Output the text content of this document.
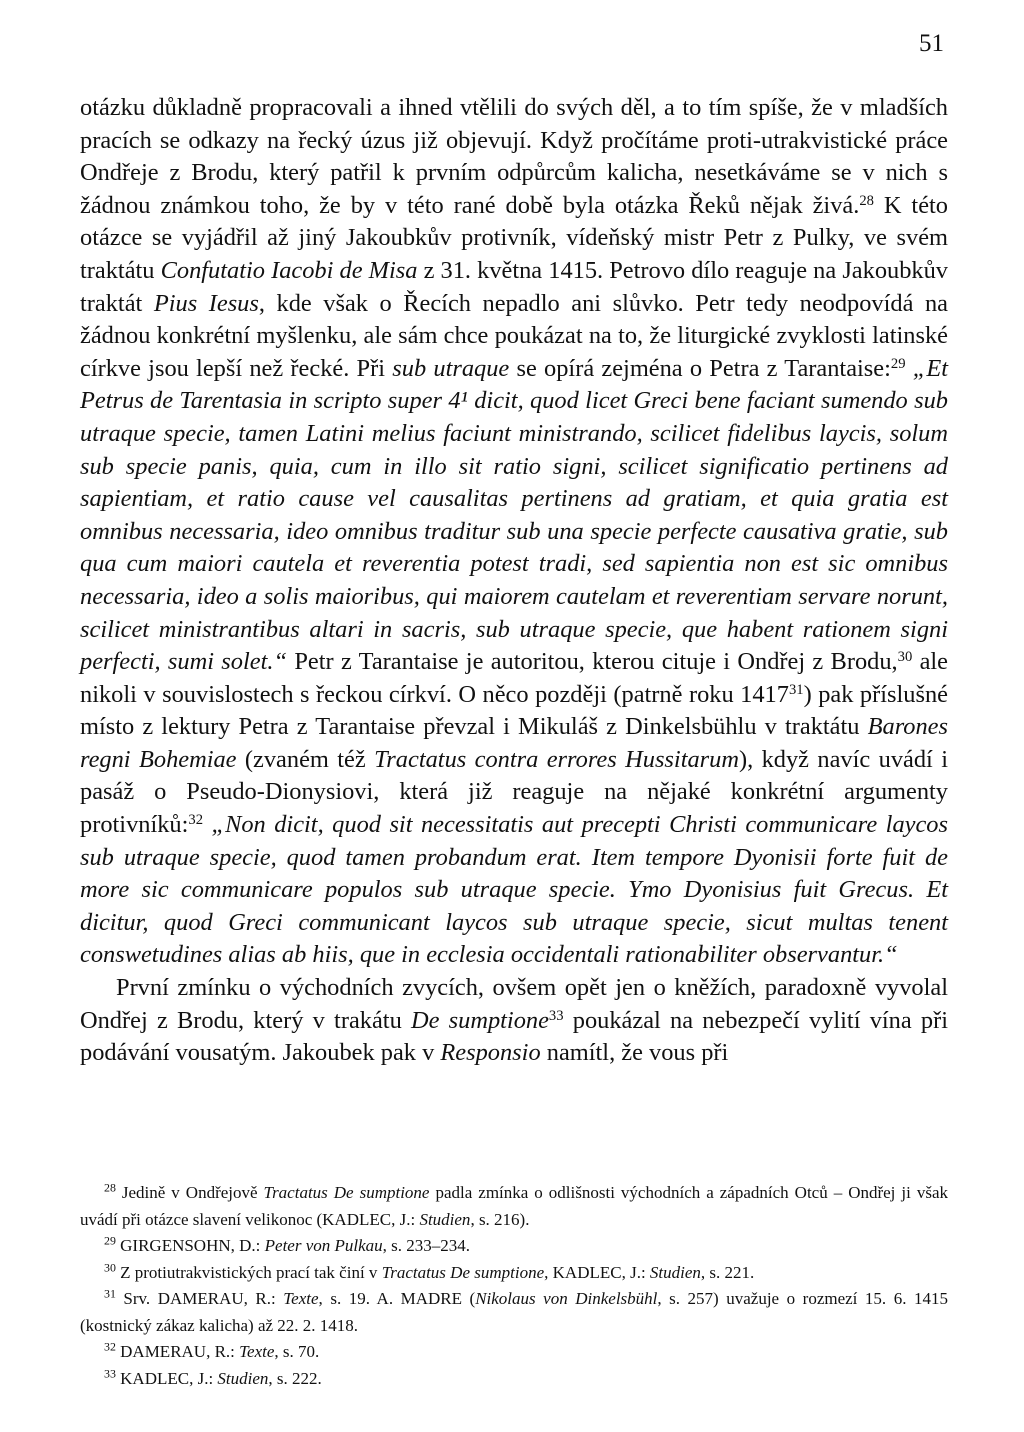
51

otázku důkladně propracovali a ihned vtělili do svých děl, a to tím spíše, že v mladších pracích se odkazy na řecký úzus již objevují. Když pročítáme proti-utrakvistické práce Ondřeje z Brodu, který patřil k prvním odpůrcům kalicha, nesetkáváme se v nich s žádnou známkou toho, že by v této rané době byla otázka Řeků nějak živá.$^{28}$ K této otázce se vyjádřil až jiný Jakoubkův protivník, vídeňský mistr Petr z Pulky, ve svém traktátu Confutatio Iacobi de Misa z 31. května 1415. Petrovo dílo reaguje na Jakoubkův traktát Pius Iesus, kde však o Řecích nepadlo ani slůvko. Petr tedy neodpovídá na žádnou konkrétní myšlenku, ale sám chce poukázat na to, že liturgické zvyklosti latinské církve jsou lepší než řecké. Při sub utraque se opírá zejména o Petra z Tarantaise:$^{29}$ „Et Petrus de Tarentasia in scripto super 4¹ dicit, quod licet Greci bene faciant sumendo sub utraque specie, tamen Latini melius faciunt ministrando, scilicet fidelibus laycis, solum sub specie panis, quia, cum in illo sit ratio signi, scilicet significatio pertinens ad sapientiam, et ratio cause vel causalitas pertinens ad gratiam, et quia gratia est omnibus necessaria, ideo omnibus traditur sub una specie perfecte causativa gratie, sub qua cum maiori cautela et reverentia potest tradi, sed sapientia non est sic omnibus necessaria, ideo a solis maioribus, qui maiorem cautelam et reverentiam servare norunt, scilicet ministrantibus altari in sacris, sub utraque specie, que habent rationem signi perfecti, sumi solet.“ Petr z Tarantaise je autoritou, kterou cituje i Ondřej z Brodu,$^{30}$ ale nikoli v souvislostech s řeckou církví. O něco později (patrně roku 1417$^{31}$) pak příslušné místo z lektury Petra z Tarantaise převzal i Mikuláš z Dinkelsbühlu v traktátu Barones regni Bohemiae (zvaném též Tractatus contra errores Hussitarum), když navíc uvádí i pasáž o Pseudo-Dionysiovi, která již reaguje na nějaké konkrétní argumenty protivníků:$^{32}$ „Non dicit, quod sit necessitatis aut precepti Christi communicare laycos sub utraque specie, quod tamen probandum erat. Item tempore Dyonisii forte fuit de more sic communicare populos sub utraque specie. Ymo Dyonisius fuit Grecus. Et dicitur, quod Greci communicant laycos sub utraque specie, sicut multas tenent conswetudines alias ab hiis, que in ecclesia occidentali rationabiliter observantur.“

První zmínku o východních zvycích, ovšem opět jen o kněžích, paradoxně vyvolal Ondřej z Brodu, který v trakátu De sumptione$^{33}$ poukázal na nebezpečí vylití vína při podávání vousatým. Jakoubek pak v Responsio namítl, že vous při

$^{28}$ Jedině v Ondřejově Tractatus De sumptione padla zmínka o odlišnosti východních a západních Otců – Ondřej ji však uvádí při otázce slavení velikonoc (KADLEC, J.: Studien, s. 216).

$^{29}$ GIRGENSOHN, D.: Peter von Pulkau, s. 233–234.

$^{30}$ Z protiutrakvistických prací tak činí v Tractatus De sumptione, KADLEC, J.: Studien, s. 221.

$^{31}$ Srv. DAMERAU, R.: Texte, s. 19. A. MADRE (Nikolaus von Dinkelsbühl, s. 257) uvažuje o rozmezí 15. 6. 1415 (kostnický zákaz kalicha) až 22. 2. 1418.

$^{32}$ DAMERAU, R.: Texte, s. 70.

$^{33}$ KADLEC, J.: Studien, s. 222.
